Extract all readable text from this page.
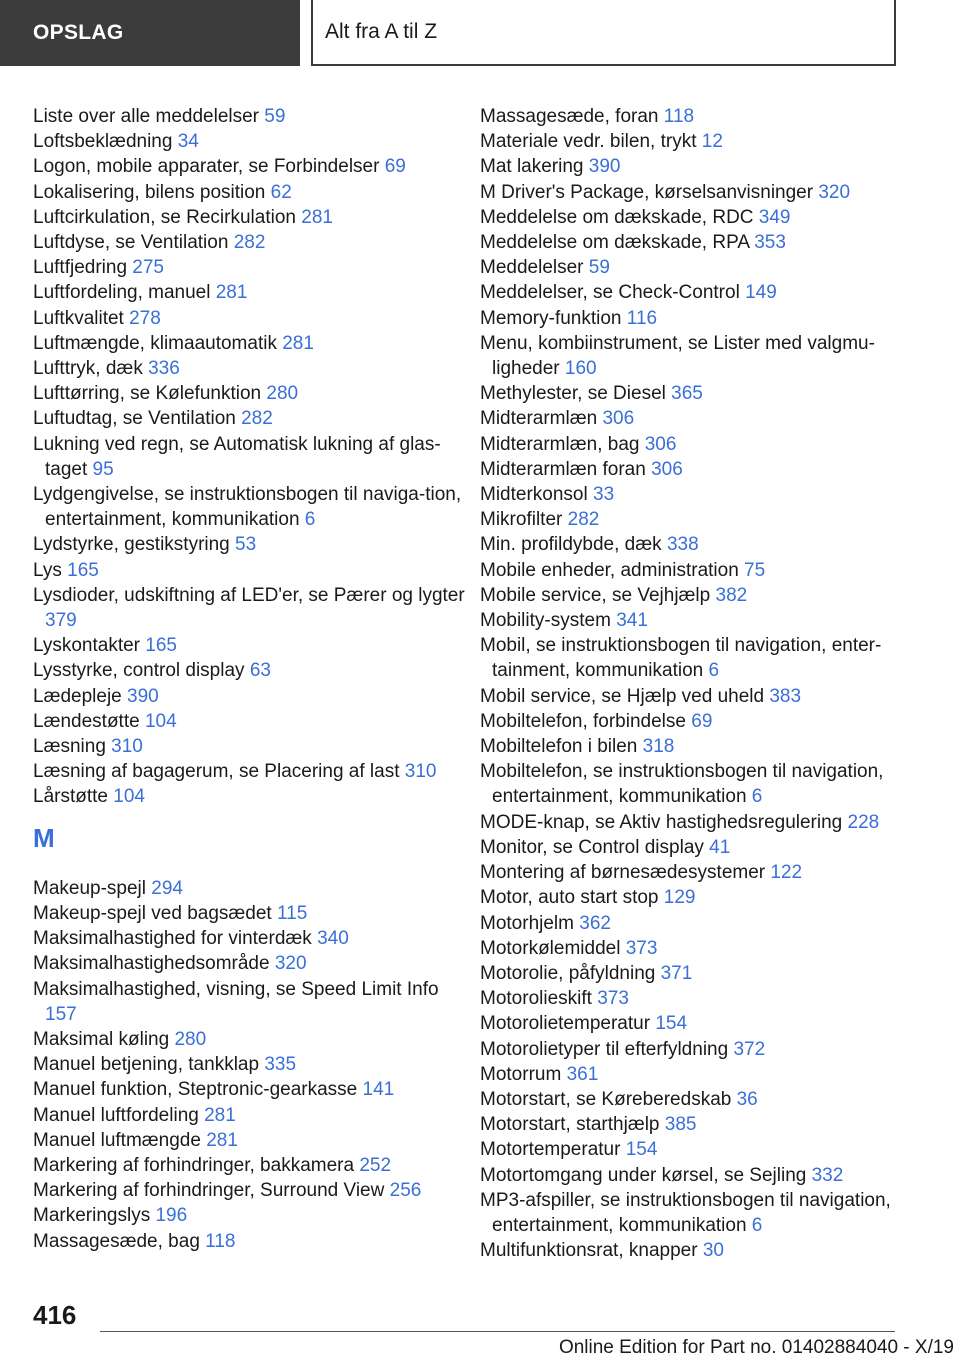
OPSLAG	Alt fra A til Z
Liste over alle meddelelser 59
Loftsbeklædning 34
Logon, mobile apparater, se Forbindelser 69
Lokalisering, bilens position 62
Luftcirkulation, se Recirkulation 281
Luftdyse, se Ventilation 282
Luftfjedring 275
Luftfordeling, manuel 281
Luftkvalitet 278
Luftmængde, klimaautomatik 281
Lufttryk, dæk 336
Lufttørring, se Kølefunktion 280
Luftudtag, se Ventilation 282
Lukning ved regn, se Automatisk lukning af glas-taget 95
Lydgengivelse, se instruktionsbogen til naviga-tion, entertainment, kommunikation 6
Lydstyrke, gestikstyring 53
Lys 165
Lysdioder, udskiftning af LED'er, se Pærer og lygter 379
Lyskontakter 165
Lysstyrke, control display 63
Lædepleje 390
Lændestøtte 104
Læsning 310
Læsning af bagagerum, se Placering af last 310
Lårstøtte 104
M
Makeup-spejl 294
Makeup-spejl ved bagsædet 115
Maksimalhastighed for vinterdæk 340
Maksimalhastighedsområde 320
Maksimalhastighed, visning, se Speed Limit Info 157
Maksimal køling 280
Manuel betjening, tankklap 335
Manuel funktion, Steptronic-gearkasse 141
Manuel luftfordeling 281
Manuel luftmængde 281
Markering af forhindringer, bakkamera 252
Markering af forhindringer, Surround View 256
Markeringslys 196
Massagesæde, bag 118
Massagesæde, foran 118
Materiale vedr. bilen, trykt 12
Mat lakering 390
M Driver's Package, kørselsanvisninger 320
Meddelelse om dækskade, RDC 349
Meddelelse om dækskade, RPA 353
Meddelelser 59
Meddelelser, se Check-Control 149
Memory-funktion 116
Menu, kombiinstrument, se Lister med valgmu-ligheder 160
Methylester, se Diesel 365
Midterarmlæn 306
Midterarmlæn, bag 306
Midterarmlæn foran 306
Midterkonsol 33
Mikrofilter 282
Min. profildybde, dæk 338
Mobile enheder, administration 75
Mobile service, se Vejhjælp 382
Mobility-system 341
Mobil, se instruktionsbogen til navigation, enter-tainment, kommunikation 6
Mobil service, se Hjælp ved uheld 383
Mobiltelefon, forbindelse 69
Mobiltelefon i bilen 318
Mobiltelefon, se instruktionsbogen til navigation, entertainment, kommunikation 6
MODE-knap, se Aktiv hastighedsregulering 228
Monitor, se Control display 41
Montering af børnesædesystemer 122
Motor, auto start stop 129
Motorhjelm 362
Motorkølemiddel 373
Motorolie, påfyldning 371
Motorolieskift 373
Motorolietemperatur 154
Motorolietyper til efterfyldning 372
Motorrum 361
Motorstart, se Køreberedskab 36
Motorstart, starthjælp 385
Motortemperatur 154
Motortomgang under kørsel, se Sejling 332
MP3-afspiller, se instruktionsbogen til navigation, entertainment, kommunikation 6
Multifunktionsrat, knapper 30
416
Online Edition for Part no. 01402884040 - X/19
